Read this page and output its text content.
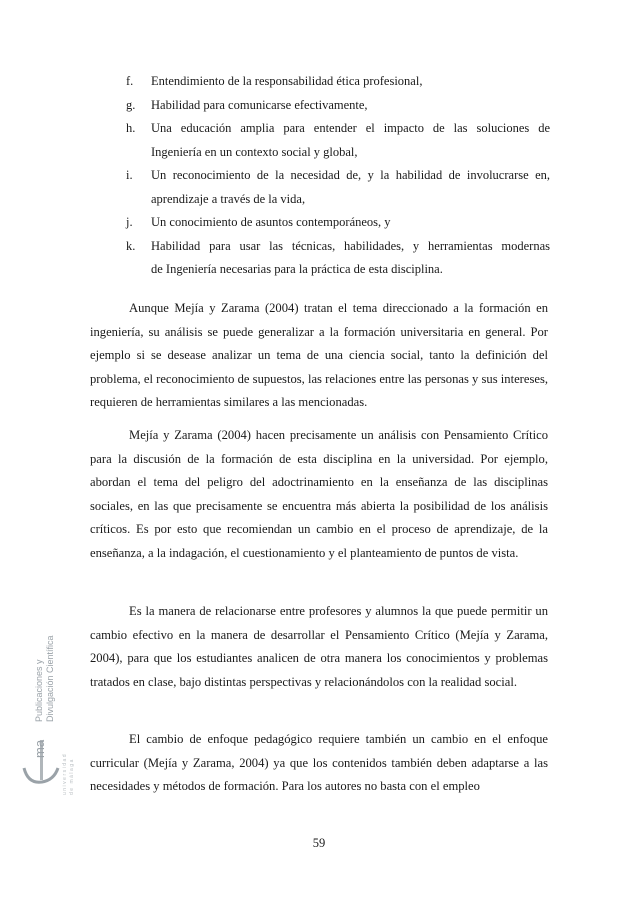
f. Entendimiento de la responsabilidad ética profesional,
g. Habilidad para comunicarse efectivamente,
h. Una educación amplia para entender el impacto de las soluciones de
Ingeniería en un contexto social y global,
i. Un reconocimiento de la necesidad de, y la habilidad de involucrarse en,
aprendizaje a través de la vida,
j. Un conocimiento de asuntos contemporáneos, y
k. Habilidad para usar las técnicas, habilidades, y herramientas modernas
de Ingeniería necesarias para la práctica de esta disciplina.

Aunque Mejía y Zarama (2004) tratan el tema direccionado a la formación en ingeniería, su análisis se puede generalizar a la formación universitaria en general. Por ejemplo si se desease analizar un tema de una ciencia social, tanto la definición del problema, el reconocimiento de supuestos, las relaciones entre las personas y sus intereses, requieren de herramientas similares a las mencionadas.

Mejía y Zarama (2004) hacen precisamente un análisis con Pensamiento Crítico para la discusión de la formación de esta disciplina en la universidad. Por ejemplo, abordan el tema del peligro del adoctrinamiento en la enseñanza de las disciplinas sociales, en las que precisamente se encuentra más abierta la posibilidad de los análisis críticos. Es por esto que recomiendan un cambio en el proceso de aprendizaje, de la enseñanza, a la indagación, el cuestionamiento y el planteamiento de puntos de vista.

Es la manera de relacionarse entre profesores y alumnos la que puede permitir un cambio efectivo en la manera de desarrollar el Pensamiento Crítico (Mejía y Zarama, 2004), para que los estudiantes analicen de otra manera los conocimientos y problemas tratados en clase, bajo distintas perspectivas y relacionándolos con la realidad social.

El cambio de enfoque pedagógico requiere también un cambio en el enfoque curricular (Mejía y Zarama, 2004) ya que los contenidos también deben adaptarse a las necesidades y métodos de formación. Para los autores no basta con el empleo

Publicaciones y Divulgación Científica
universidad de málaga
ma
59
